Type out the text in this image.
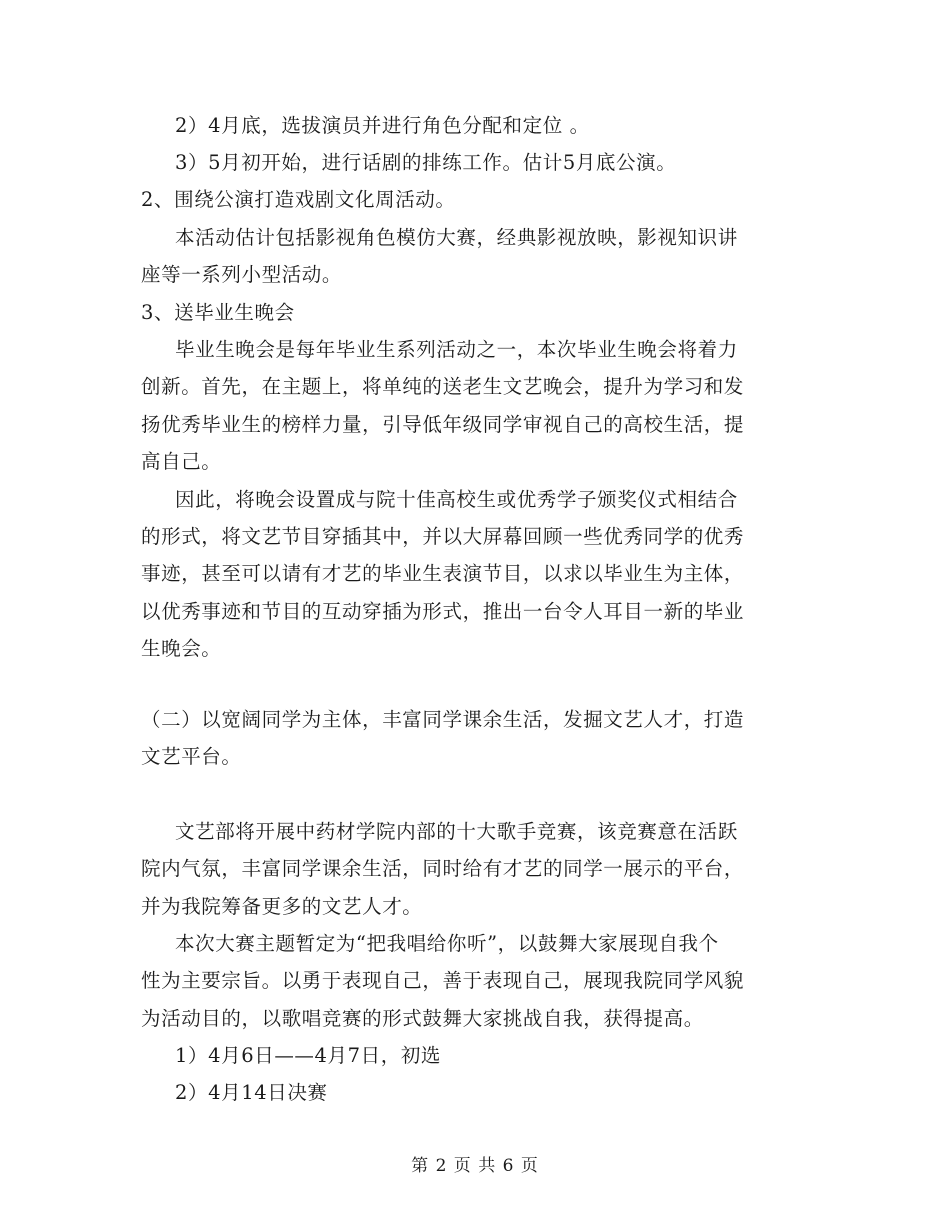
2）4月底，选拔演员并进行角色分配和定位 。
3）5月初开始，进行话剧的排练工作。估计5月底公演。
2、围绕公演打造戏剧文化周活动。
本活动估计包括影视角色模仿大赛，经典影视放映，影视知识讲
座等一系列小型活动。
3、送毕业生晚会
毕业生晚会是每年毕业生系列活动之一，本次毕业生晚会将着力
创新。首先，在主题上，将单纯的送老生文艺晚会，提升为学习和发
扬优秀毕业生的榜样力量，引导低年级同学审视自己的高校生活，提
高自己。
因此，将晚会设置成与院十佳高校生或优秀学子颁奖仪式相结合
的形式，将文艺节目穿插其中，并以大屏幕回顾一些优秀同学的优秀
事迹，甚至可以请有才艺的毕业生表演节目，以求以毕业生为主体，
以优秀事迹和节目的互动穿插为形式，推出一台令人耳目一新的毕业
生晚会。
（二）以宽阔同学为主体，丰富同学课余生活，发掘文艺人才，打造
文艺平台。
文艺部将开展中药材学院内部的十大歌手竞赛，该竞赛意在活跃
院内气氛，丰富同学课余生活，同时给有才艺的同学一展示的平台，
并为我院筹备更多的文艺人才。
本次大赛主题暂定为“把我唱给你听”，以鼓舞大家展现自我个
性为主要宗旨。以勇于表现自己，善于表现自己，展现我院同学风貌
为活动目的，以歌唱竞赛的形式鼓舞大家挑战自我，获得提高。
1）4月6日——4月7日，初选
2）4月14日决赛
第 2 页 共 6 页
